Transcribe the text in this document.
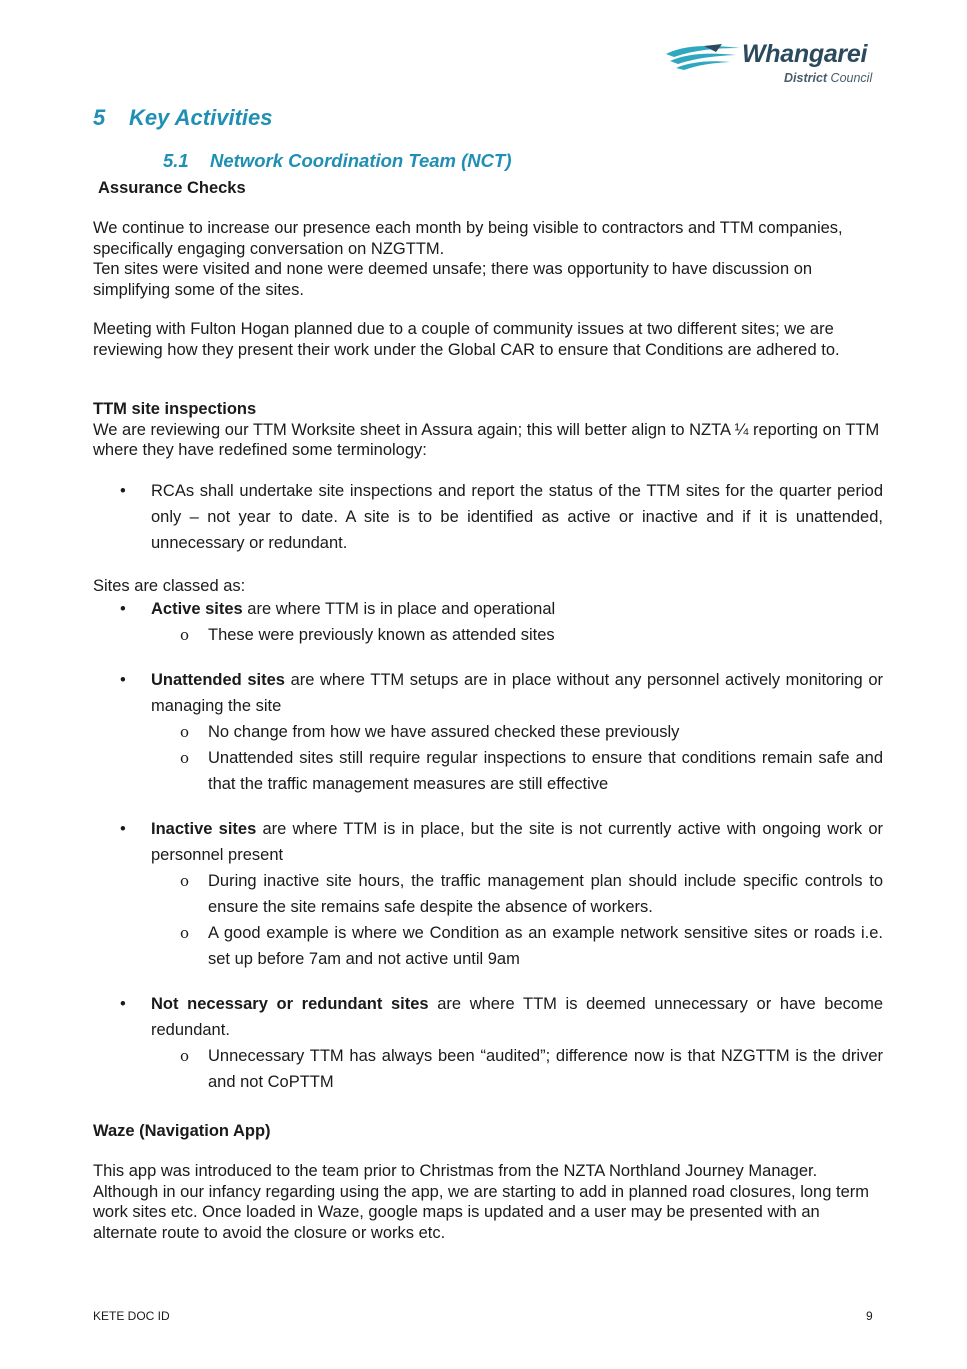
Whangarei
District Council
5 Key Activities
5.1 Network Coordination Team (NCT)
Assurance Checks
We continue to increase our presence each month by being visible to contractors and TTM companies, specifically engaging conversation on NZGTTM.
Ten sites were visited and none were deemed unsafe; there was opportunity to have discussion on simplifying some of the sites.
Meeting with Fulton Hogan planned due to a couple of community issues at two different sites; we are reviewing how they present their work under the Global CAR to ensure that Conditions are adhered to.
TTM site inspections
We are reviewing our TTM Worksite sheet in Assura again; this will better align to NZTA ¼ reporting on TTM where they have redefined some terminology:
• RCAs shall undertake site inspections and report the status of the TTM sites for the quarter period only – not year to date. A site is to be identified as active or inactive and if it is unattended, unnecessary or redundant.
Sites are classed as:
• Active sites are where TTM is in place and operational
o These were previously known as attended sites
• Unattended sites are where TTM setups are in place without any personnel actively monitoring or managing the site
o No change from how we have assured checked these previously
o Unattended sites still require regular inspections to ensure that conditions remain safe and that the traffic management measures are still effective
• Inactive sites are where TTM is in place, but the site is not currently active with ongoing work or personnel present
o During inactive site hours, the traffic management plan should include specific controls to ensure the site remains safe despite the absence of workers.
o A good example is where we Condition as an example network sensitive sites or roads i.e. set up before 7am and not active until 9am
• Not necessary or redundant sites are where TTM is deemed unnecessary or have become redundant.
o Unnecessary TTM has always been “audited”; difference now is that NZGTTM is the driver and not CoPTTM
Waze (Navigation App)
This app was introduced to the team prior to Christmas from the NZTA Northland Journey Manager. Although in our infancy regarding using the app, we are starting to add in planned road closures, long term work sites etc. Once loaded in Waze, google maps is updated and a user may be presented with an alternate route to avoid the closure or works etc.
KETE DOC ID	9
